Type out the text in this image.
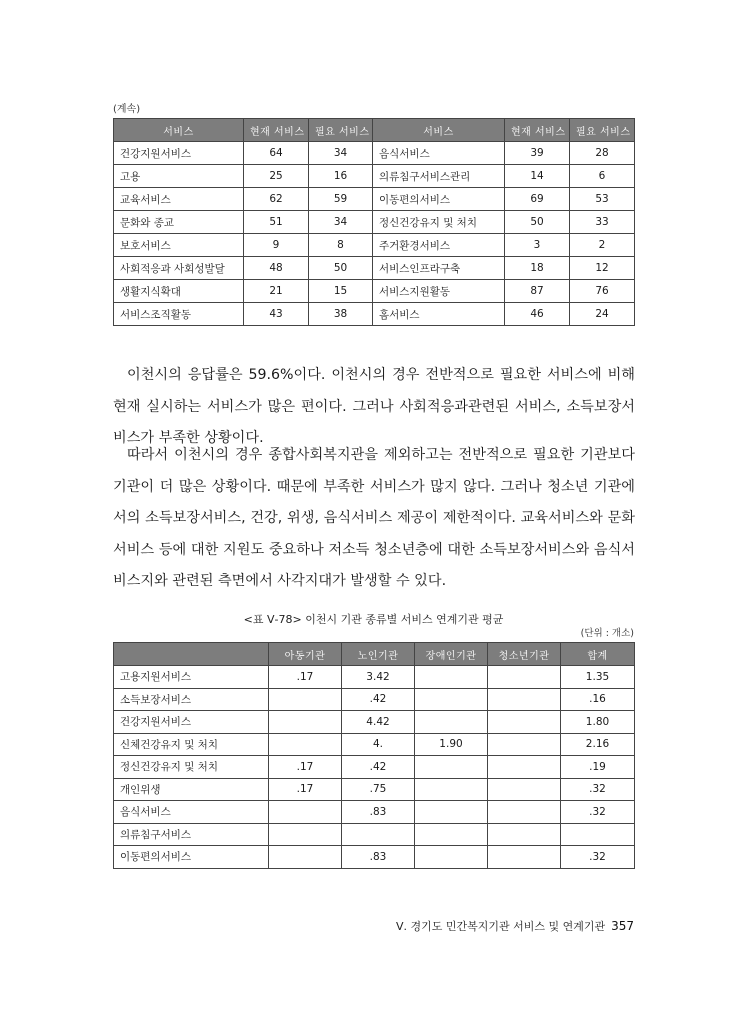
(계속)
서비스	현재 서비스	필요 서비스	서비스	현재 서비스	필요 서비스
건강지원서비스	64	34	음식서비스	39	28
고용	25	16	의류침구서비스관리	14	6
교육서비스	62	59	이동편의서비스	69	53
문화와 종교	51	34	정신건강유지 및 처치	50	33
보호서비스	9	8	주거환경서비스	3	2
사회적응과 사회성발달	48	50	서비스인프라구축	18	12
생활지식확대	21	15	서비스지원활동	87	76
서비스조직활동	43	38	홈서비스	46	24

이천시의 응답률은 59.6%이다. 이천시의 경우 전반적으로 필요한 서비스에 비해 현재 실시하는 서비스가 많은 편이다. 그러나 사회적응과관련된 서비스, 소득보장서비스가 부족한 상황이다.

따라서 이천시의 경우 종합사회복지관을 제외하고는 전반적으로 필요한 기관보다 기관이 더 많은 상황이다. 때문에 부족한 서비스가 많지 않다. 그러나 청소년 기관에서의 소득보장서비스, 건강, 위생, 음식서비스 제공이 제한적이다. 교육서비스와 문화 서비스 등에 대한 지원도 중요하나 저소득 청소년층에 대한 소득보장서비스와 음식서비스지와 관련된 측면에서 사각지대가 발생할 수 있다.

<표 Ⅴ-78> 이천시 기관 종류별 서비스 연계기관 평균
(단위 : 개소)
	아동기관	노인기관	장애인기관	청소년기관	합계
고용지원서비스	.17	3.42			1.35
소득보장서비스		.42			.16
건강지원서비스		4.42			1.80
신체건강유지 및 처치		4.	1.90		2.16
정신건강유지 및 처치	.17	.42			.19
개인위생	.17	.75			.32
음식서비스		.83			.32
의류침구서비스					
이동편의서비스		.83			.32
Ⅴ. 경기도 민간복지기관 서비스 및 연계기관 357
